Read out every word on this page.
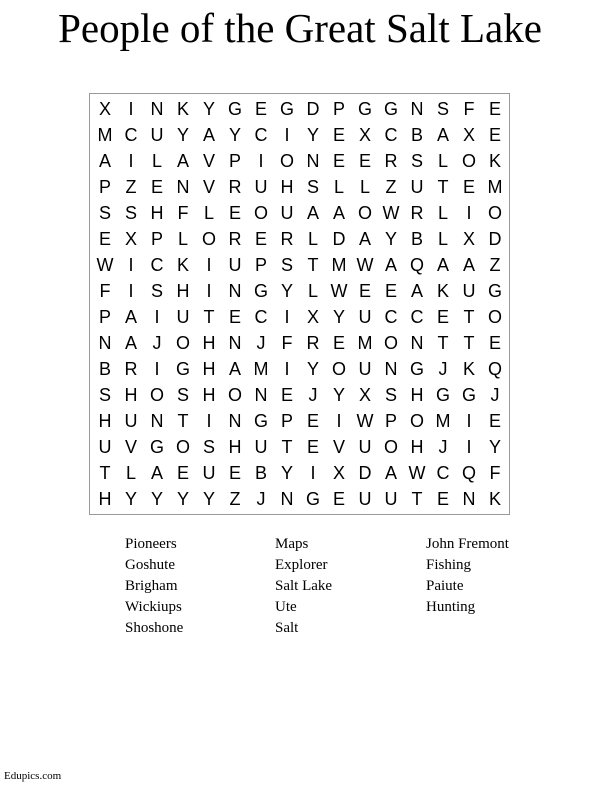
People of the Great Salt Lake
X I N K Y G E G D P G G N S F E
M C U Y A Y C I Y E X C B A X E
A I L A V P I O N E E R S L O K
P Z E N V R U H S L L Z U T E M
S S H F L E O U A A O W R L I O
E X P L O R E R L D A Y B L X D
W I C K I U P S T M W A Q A A Z
F I S H I N G Y L W E E A K U G
P A I U T E C I X Y U C C E T O
N A J O H N J F R E M O N T T E
B R I G H A M I Y O U N G J K Q
S H O S H O N E J Y X S H G G J
H U N T I N G P E I W P O M I E
U V G O S H U T E V U O H J I Y
T L A E U E B Y I X D A W C Q F
H Y Y Y Y Z J N G E U U T E N K
Pioneers
Goshute
Brigham
Wickiups
Shoshone
Maps
Explorer
Salt Lake
Ute
Salt
John Fremont
Fishing
Paiute
Hunting
Edupics.com
